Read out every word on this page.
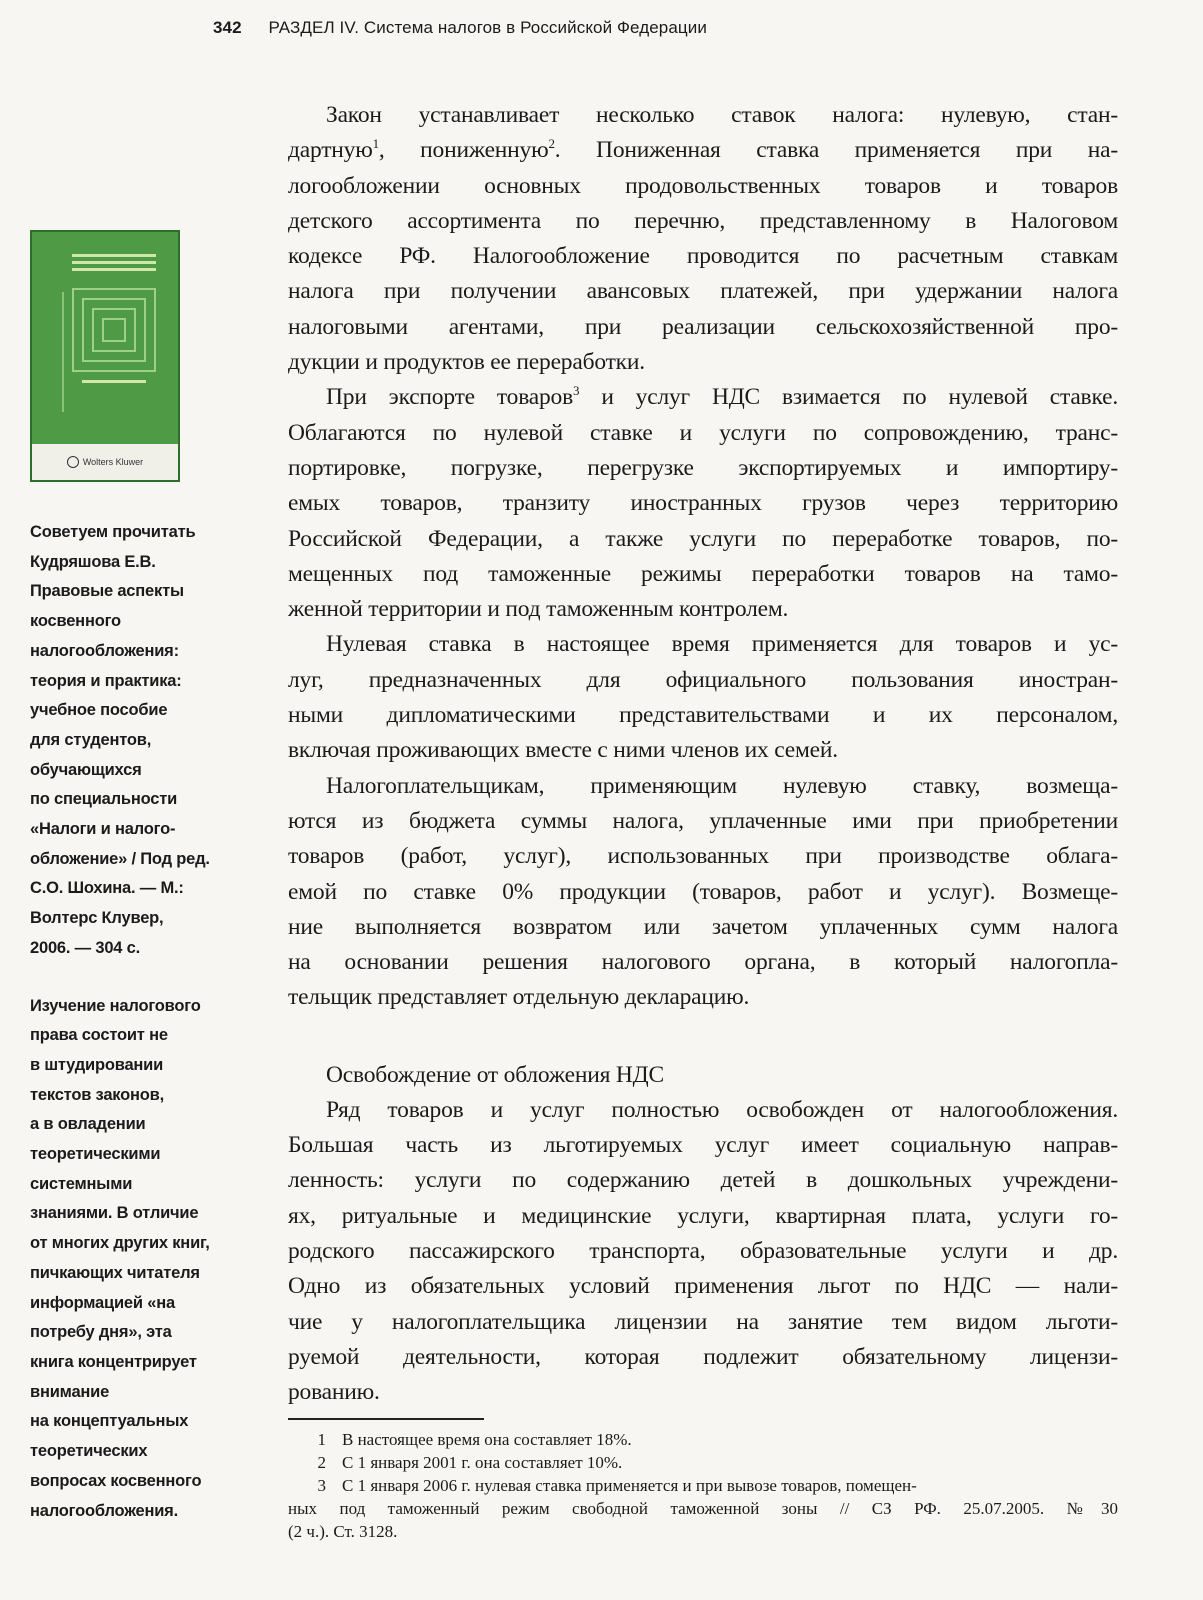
342 РАЗДЕЛ IV. Система налогов в Российской Федерации
Wolters Kluwer
Советуем прочитать
Кудряшова Е.В.
Правовые аспекты
косвенного
налогообложения:
теория и практика:
учебное пособие
для студентов,
обучающихся
по специальности
«Налоги и налого-
обложение» / Под ред.
С.О. Шохина. — М.:
Волтерс Клувер,
2006. — 304 с.
Изучение налогового
права состоит не
в штудировании
текстов законов,
а в овладении
теоретическими
системными
знаниями. В отличие
от многих других книг,
пичкающих читателя
информацией «на
потребу дня», эта
книга концентрирует
внимание
на концептуальных
теоретических
вопросах косвенного
налогообложения.
Закон устанавливает несколько ставок налога: нулевую, стан-
дартную$^1$, пониженную$^2$. Пониженная ставка применяется при на-
логообложении основных продовольственных товаров и товаров
детского ассортимента по перечню, представленному в Налоговом
кодексе РФ. Налогообложение проводится по расчетным ставкам
налога при получении авансовых платежей, при удержании налога
налоговыми агентами, при реализации сельскохозяйственной про-
дукции и продуктов ее переработки.
При экспорте товаров$^3$ и услуг НДС взимается по нулевой ставке.
Облагаются по нулевой ставке и услуги по сопровождению, транс-
портировке, погрузке, перегрузке экспортируемых и импортиру-
емых товаров, транзиту иностранных грузов через территорию
Российской Федерации, а также услуги по переработке товаров, по-
мещенных под таможенные режимы переработки товаров на тамо-
женной территории и под таможенным контролем.
Нулевая ставка в настоящее время применяется для товаров и ус-
луг, предназначенных для официального пользования иностран-
ными дипломатическими представительствами и их персоналом,
включая проживающих вместе с ними членов их семей.
Налогоплательщикам, применяющим нулевую ставку, возмеща-
ются из бюджета суммы налога, уплаченные ими при приобретении
товаров (работ, услуг), использованных при производстве облага-
емой по ставке 0% продукции (товаров, работ и услуг). Возмеще-
ние выполняется возвратом или зачетом уплаченных сумм налога
на основании решения налогового органа, в который налогопла-
тельщик представляет отдельную декларацию.
Освобождение от обложения НДС
Ряд товаров и услуг полностью освобожден от налогообложения.
Большая часть из льготируемых услуг имеет социальную направ-
ленность: услуги по содержанию детей в дошкольных учреждени-
ях, ритуальные и медицинские услуги, квартирная плата, услуги го-
родского пассажирского транспорта, образовательные услуги и др.
Одно из обязательных условий применения льгот по НДС — нали-
чие у налогоплательщика лицензии на занятие тем видом льготи-
руемой деятельности, которая подлежит обязательному лицензи-
рованию.
1 В настоящее время она составляет 18%.
2 С 1 января 2001 г. она составляет 10%.
3 С 1 января 2006 г. нулевая ставка применяется и при вывозе товаров, помещен-
ных под таможенный режим свободной таможенной зоны // СЗ РФ. 25.07.2005. №30
(2 ч.). Ст. 3128.
